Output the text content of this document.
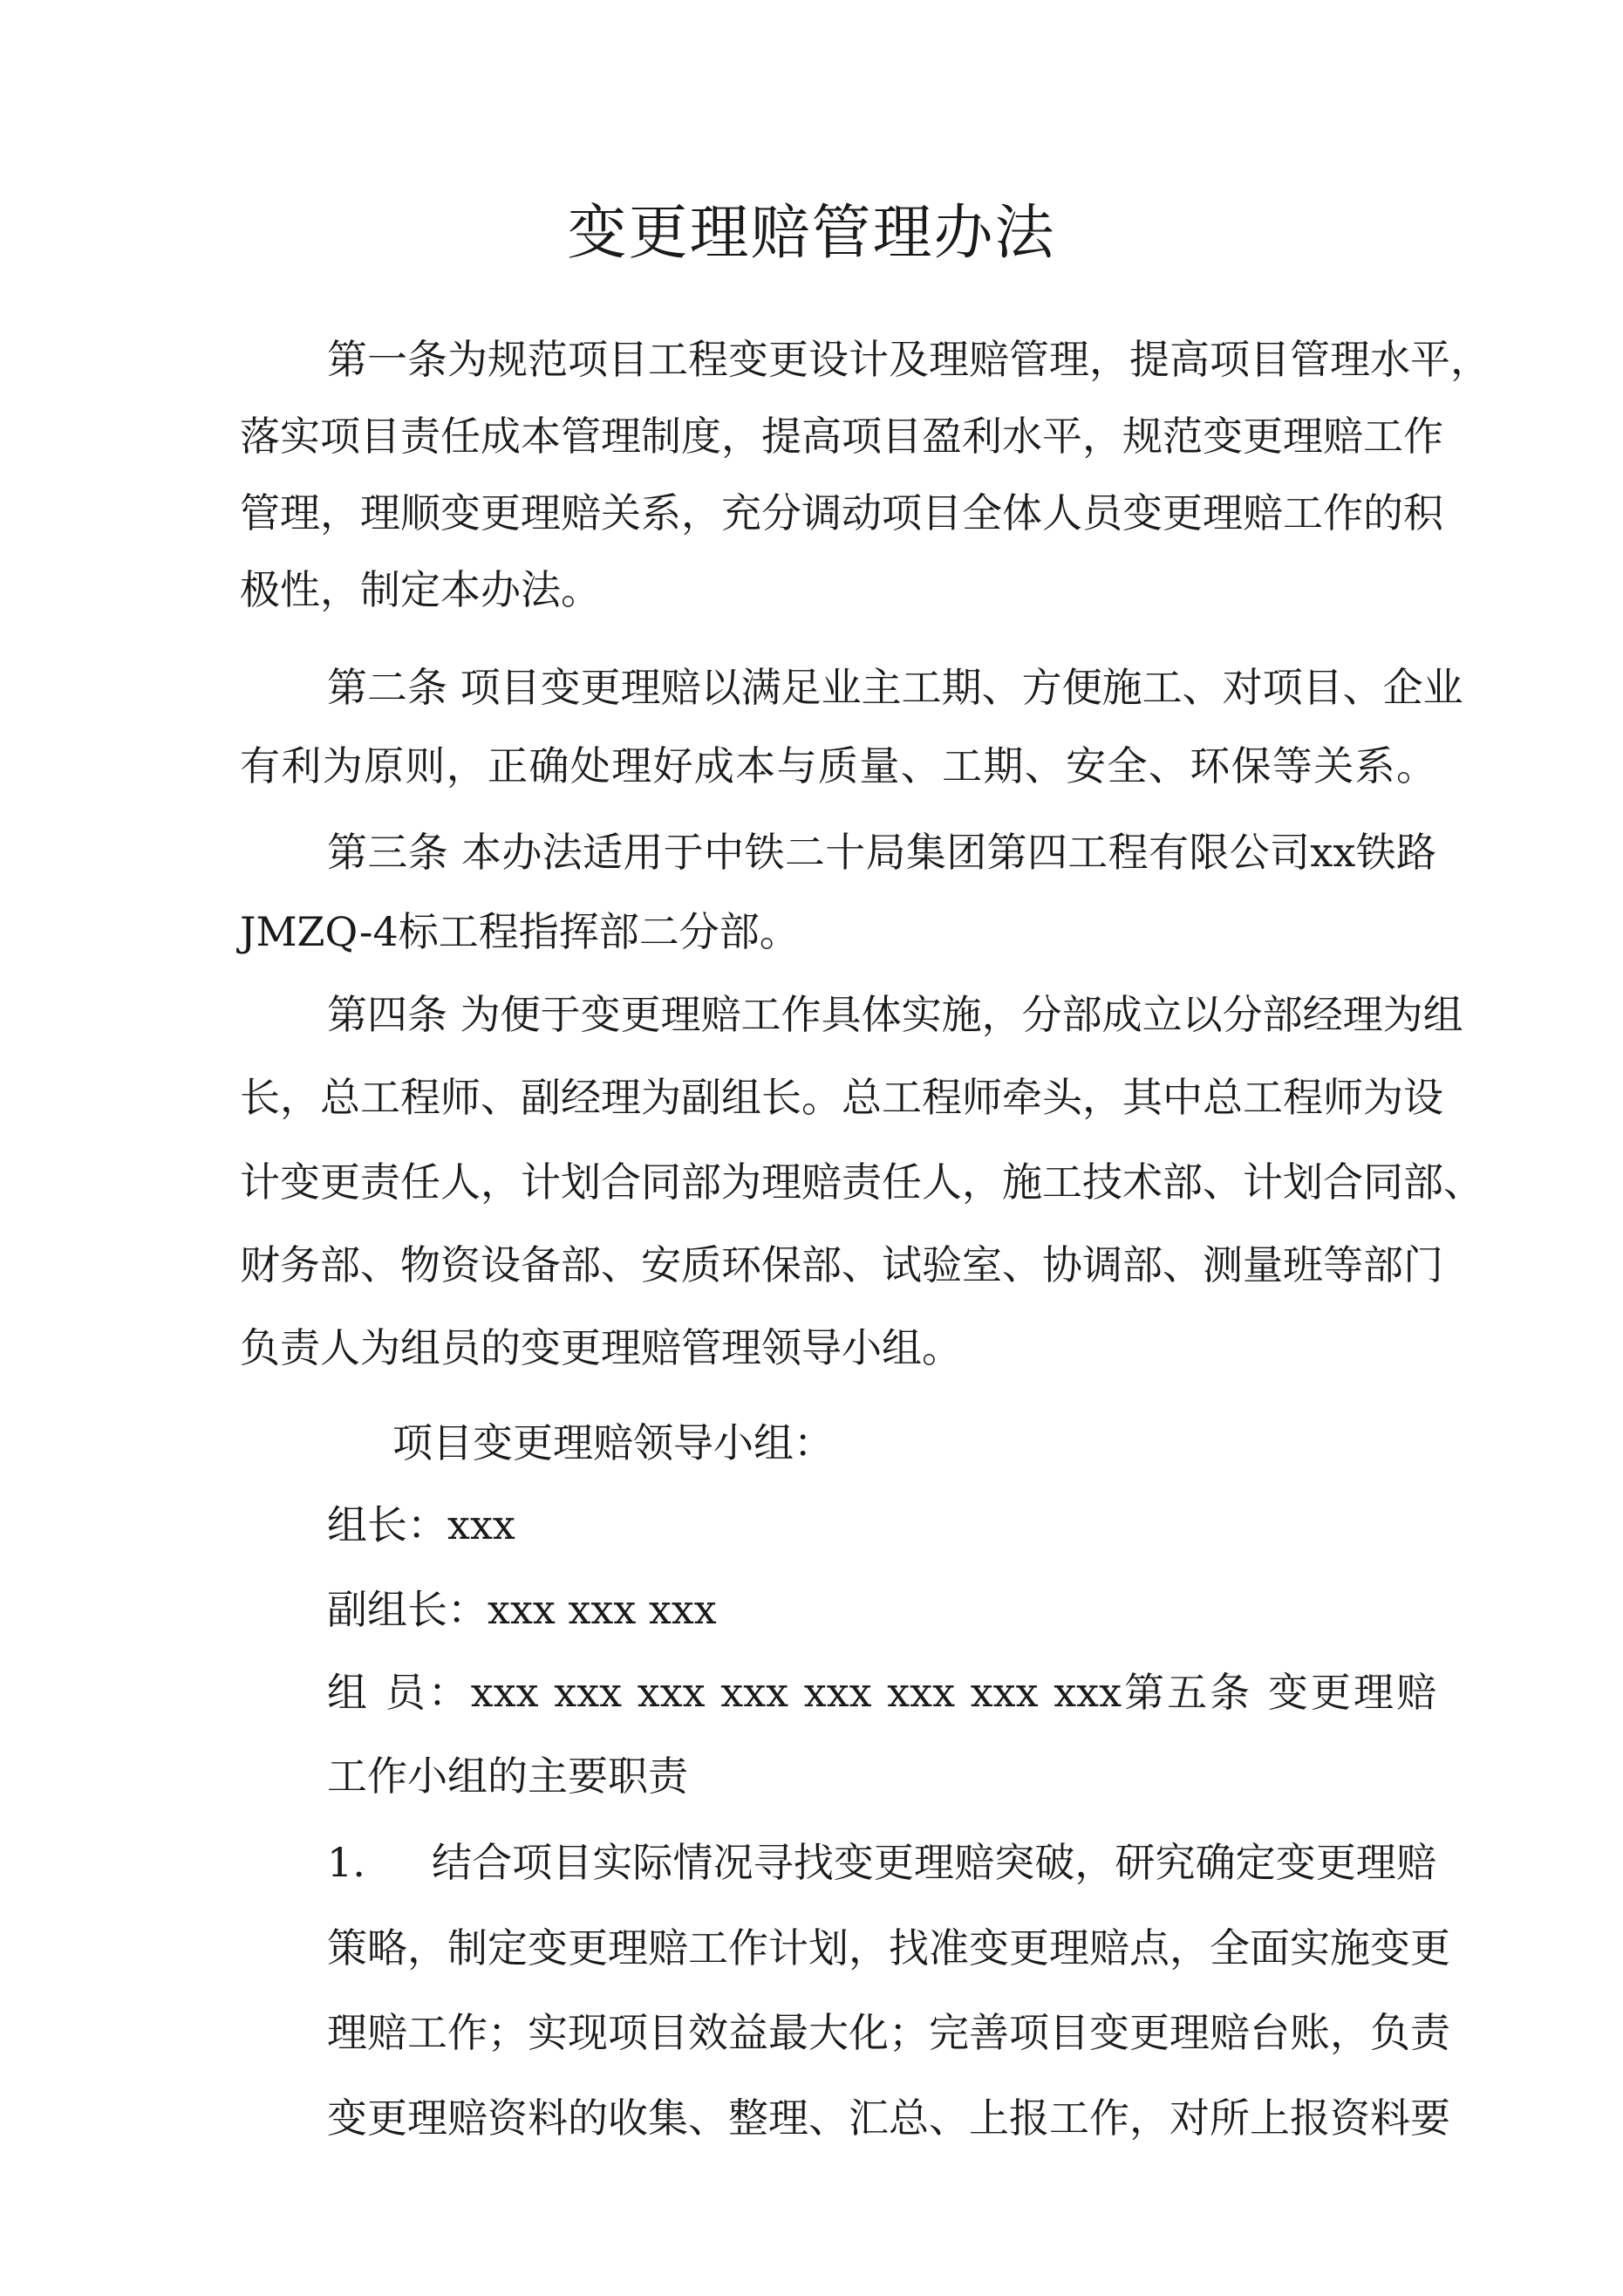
变更理赔管理办法

第一条为规范项目工程变更设计及理赔管理，提高项目管理水平，

落实项目责任成本管理制度，提高项目盈利水平，规范变更理赔工作

管理，理顺变更理赔关系，充分调动项目全体人员变更理赔工作的积

极性，制定本办法。

第二条 项目变更理赔以满足业主工期、方便施工、对项目、企业

有利为原则，正确处理好成本与质量、工期、安全、环保等关系。

第三条 本办法适用于中铁二十局集团第四工程有限公司xx铁路

JMZQ-4标工程指挥部二分部。

第四条 为便于变更理赔工作具体实施，分部成立以分部经理为组

长，总工程师、副经理为副组长。总工程师牵头，其中总工程师为设

计变更责任人，计划合同部为理赔责任人，施工技术部、计划合同部、

财务部、物资设备部、安质环保部、试验室、协调部、测量班等部门

负责人为组员的变更理赔管理领导小组。

项目变更理赔领导小组：

组长：xxx

副组长：xxx xxx xxx

组 员：xxx xxx xxx xxx xxx xxx xxx xxx第五条 变更理赔

工作小组的主要职责

1. 结合项目实际情况寻找变更理赔突破，研究确定变更理赔

策略，制定变更理赔工作计划，找准变更理赔点，全面实施变更

理赔工作；实现项目效益最大化；完善项目变更理赔台账，负责

变更理赔资料的收集、整理、汇总、上报工作，对所上报资料要
